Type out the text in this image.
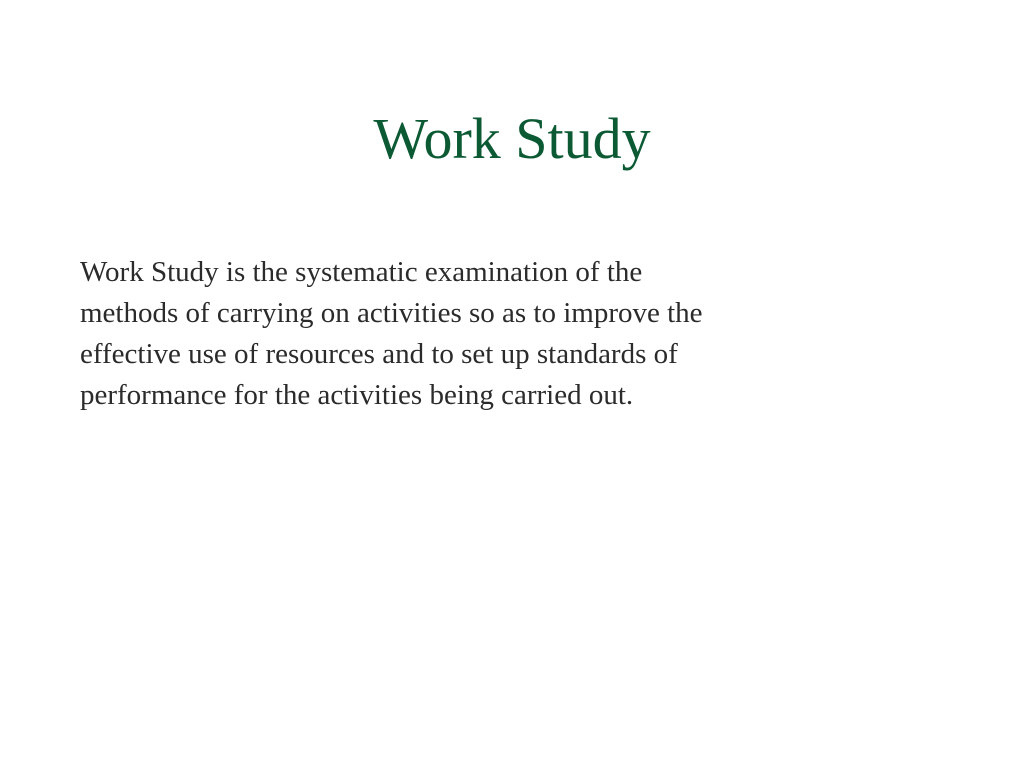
Work Study

Work Study is the systematic examination of the
methods of carrying on activities so as to improve the
effective use of resources and to set up standards of
performance for the activities being carried out.
